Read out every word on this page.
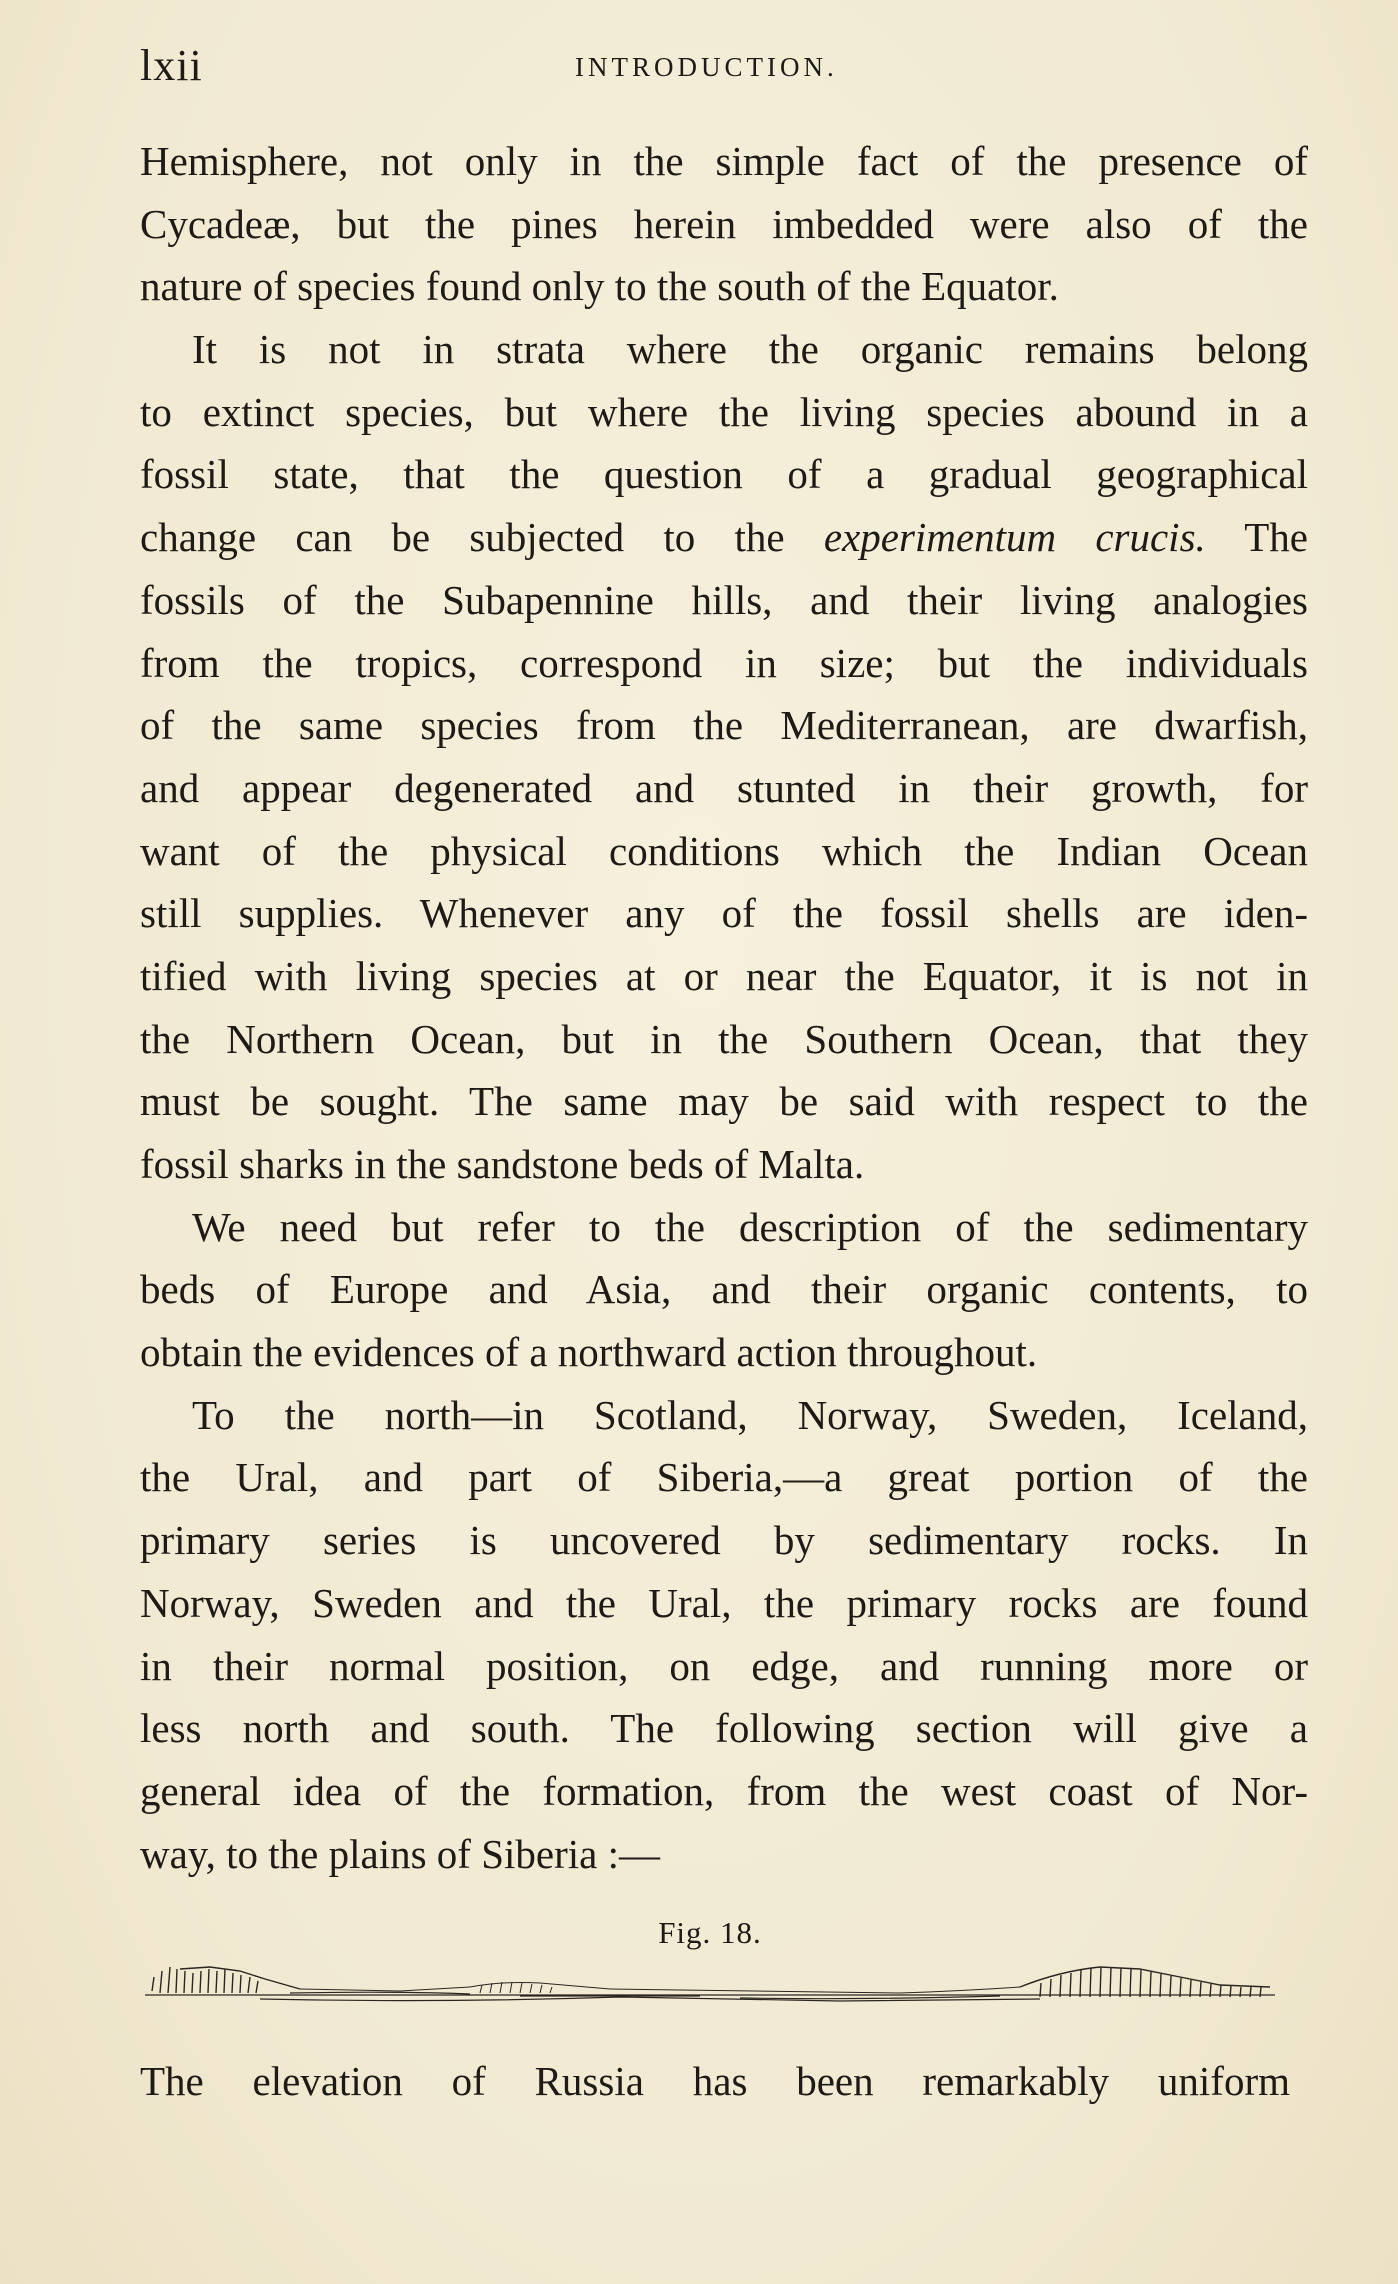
lxii	INTRODUCTION.
Hemisphere, not only in the simple fact of the presence of
Cycadeæ, but the pines herein imbedded were also of the
nature of species found only to the south of the Equator.
It is not in strata where the organic remains belong
to extinct species, but where the living species abound in a
fossil state, that the question of a gradual geographical
change can be subjected to the experimentum crucis. The
fossils of the Subapennine hills, and their living analogies
from the tropics, correspond in size; but the individuals
of the same species from the Mediterranean, are dwarfish,
and appear degenerated and stunted in their growth, for
want of the physical conditions which the Indian Ocean
still supplies. Whenever any of the fossil shells are iden-
tified with living species at or near the Equator, it is not in
the Northern Ocean, but in the Southern Ocean, that they
must be sought. The same may be said with respect to the
fossil sharks in the sandstone beds of Malta.
We need but refer to the description of the sedimentary
beds of Europe and Asia, and their organic contents, to
obtain the evidences of a northward action throughout.
To the north—in Scotland, Norway, Sweden, Iceland,
the Ural, and part of Siberia,—a great portion of the
primary series is uncovered by sedimentary rocks. In
Norway, Sweden and the Ural, the primary rocks are found
in their normal position, on edge, and running more or
less north and south. The following section will give a
general idea of the formation, from the west coast of Nor-
way, to the plains of Siberia :—
Fig. 18.
The elevation of Russia has been remarkably uniform
